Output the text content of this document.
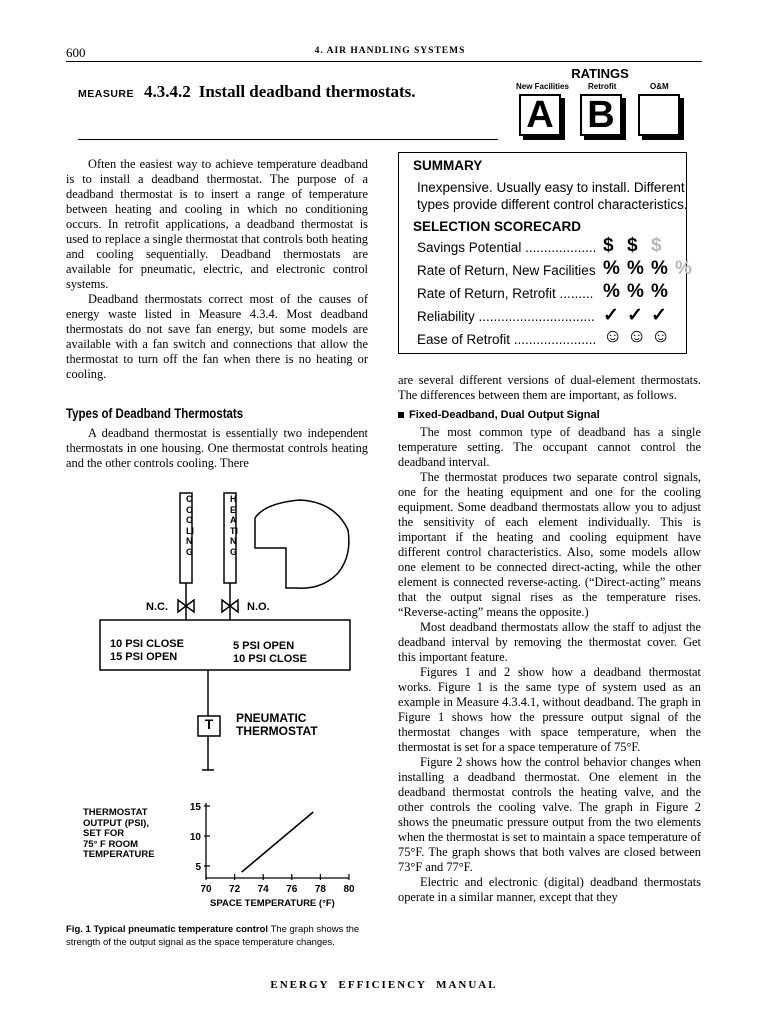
600	4. AIR HANDLING SYSTEMS
MEASURE 4.3.4.2 Install deadband thermostats.
RATINGS
New Facilities Retrofit	O&M
A B
SUMMARY
Inexpensive. Usually easy to install. Different
types provide different control characteristics.
SELECTION SCORECARD
Savings Potential ................... $ $ $
Rate of Return, New Facilities % % % %
Rate of Return, Retrofit ......... % % %
Reliability ............................... ✓ ✓ ✓
Ease of Retrofit ...................... ☺ ☺ ☺

Often the easiest way to achieve temperature deadband is to install a deadband thermostat. The purpose of a deadband thermostat is to insert a range of temperature between heating and cooling in which no conditioning occurs. In retrofit applications, a deadband thermostat is used to replace a single thermostat that controls both heating and cooling sequentially. Deadband thermostats are available for pneumatic, electric, and electronic control systems.

Deadband thermostats correct most of the causes of energy waste listed in Measure 4.3.4. Most deadband thermostats do not save fan energy, but some models are available with a fan switch and connections that allow the thermostat to turn off the fan when there is no heating or cooling.

Types of Deadband Thermostats

A deadband thermostat is essentially two independent thermostats in one housing. One thermostat controls heating and the other controls cooling. There

COOLING
HEATING
N.C.	N.O.
10 PSI CLOSE
15 PSI OPEN
5 PSI OPEN
10 PSI CLOSE
T	PNEUMATIC
THERMOSTAT
THERMOSTAT
OUTPUT (PSI),
SET FOR
75° F ROOM
TEMPERATURE
5
10
15
70 72 74 76 78 80
SPACE TEMPERATURE (°F)
Fig. 1 Typical pneumatic temperature control The graph shows the strength of the output signal as the space temperature changes.

are several different versions of dual-element thermostats. The differences between them are important, as follows.

Fixed-Deadband, Dual Output Signal

The most common type of deadband has a single temperature setting. The occupant cannot control the deadband interval.

The thermostat produces two separate control signals, one for the heating equipment and one for the cooling equipment. Some deadband thermostats allow you to adjust the sensitivity of each element individually. This is important if the heating and cooling equipment have different control characteristics. Also, some models allow one element to be connected direct-acting, while the other element is connected reverse-acting. (“Direct-acting” means that the output signal rises as the temperature rises. “Reverse-acting” means the opposite.)

Most deadband thermostats allow the staff to adjust the deadband interval by removing the thermostat cover. Get this important feature.

Figures 1 and 2 show how a deadband thermostat works. Figure 1 is the same type of system used as an example in Measure 4.3.4.1, without deadband. The graph in Figure 1 shows how the pressure output signal of the thermostat changes with space temperature, when the thermostat is set for a space temperature of 75°F.

Figure 2 shows how the control behavior changes when installing a deadband thermostat. One element in the deadband thermostat controls the heating valve, and the other controls the cooling valve. The graph in Figure 2 shows the pneumatic pressure output from the two elements when the thermostat is set to maintain a space temperature of 75°F. The graph shows that both valves are closed between 73°F and 77°F.

Electric and electronic (digital) deadband thermostats operate in a similar manner, except that they

ENERGY  EFFICIENCY  MANUAL
